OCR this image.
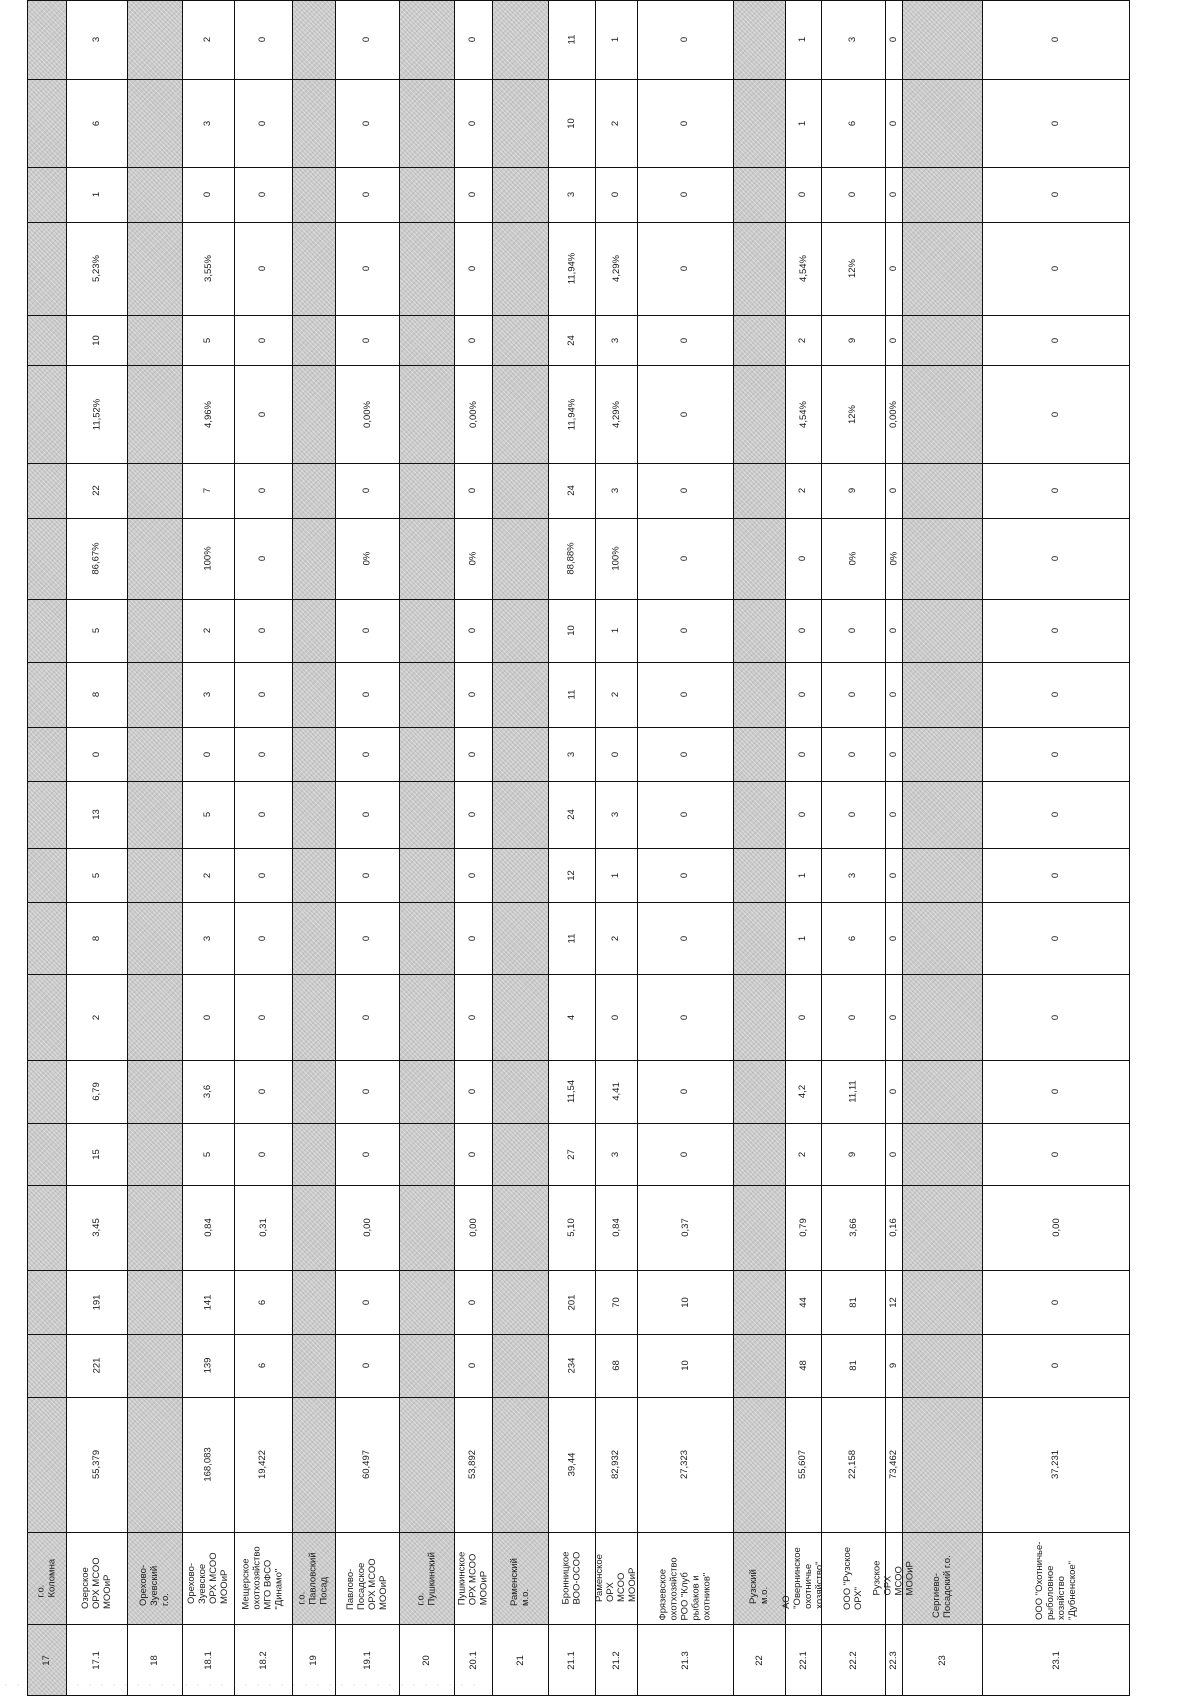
17
г.о. Коломна
17.1
Озерское ОРХ МСОО МООиР
55,379
221
191
3,45
15
6,79
2
8
5
13
0
8
5
86,67%
22
11,52%
10
5,23%
1
6
3
18
Орехово-Зуевский г.о.
18.1
Орехово-Зуевское ОРХ МСОО МООиР
168,083
139
141
0,84
5
3,6
0
3
2
5
0
3
2
100%
7
4,96%
5
3,55%
0
3
2
18.2
Мещерское охотхозяйство МГО ВФСО "Динамо"
19,422
6
6
0,31
0
0
0
0
0
0
0
0
0
0
0
0
0
0
0
0
0
19
г.о. Павловский Посад
19.1
Павлово-Посадское ОРХ МСОО МООиР
60,497
0
0
0,00
0
0
0
0
0
0
0
0
0
0%
0
0,00%
0
0
0
0
0
20
г.о. Пушкинский
20.1
Пушкинское ОРХ МСОО МООиР
53,892
0
0
0,00
0
0
0
0
0
0
0
0
0
0%
0
0,00%
0
0
0
0
0
21
Раменский м.о.
21.1
Бронницкое ВОО-ОСОО
39,44
234
201
5,10
27
11,54
4
11
12
24
3
11
10
88,88%
24
11,94%
24
11,94%
3
10
11
21.2
Раменское ОРХ МСОО МООиР
82,932
68
70
0,84
3
4,41
0
2
1
3
0
2
1
100%
3
4,29%
3
4,29%
0
2
1
21.3
Фрязевское охотхозяйство РОО "Клуб рыбаков и охотников"
27,323
10
10
0,37
0
0
0
0
0
0
0
0
0
0
0
0
0
0
0
0
0
22
Рузский м.о.
22.1
АО "Овернинское охотничье хозяйство"
55,607
48
44
0,79
2
4,2
0
1
1
0
0
0
0
0
2
4,54%
2
4,54%
0
1
1
22.2
ООО "Рузское ОРХ"
22,158
81
81
3,66
9
11,11
0
6
3
0
0
0
0
0%
9
12%
9
12%
0
6
3
22.3
Рузское ОРХ МСОО МООиР
73,462
9
12
0,16
0
0
0
0
0
0
0
0
0
0%
0
0,00%
0
0
0
0
0
23
Сергиево-Посадский г.о.
23.1
ООО "Охотничье-рыболовное хозяйство "Дубненское"
37,231
0
0
0,00
0
0
0
0
0
0
0
0
0
0
0
0
0
0
0
0
0
